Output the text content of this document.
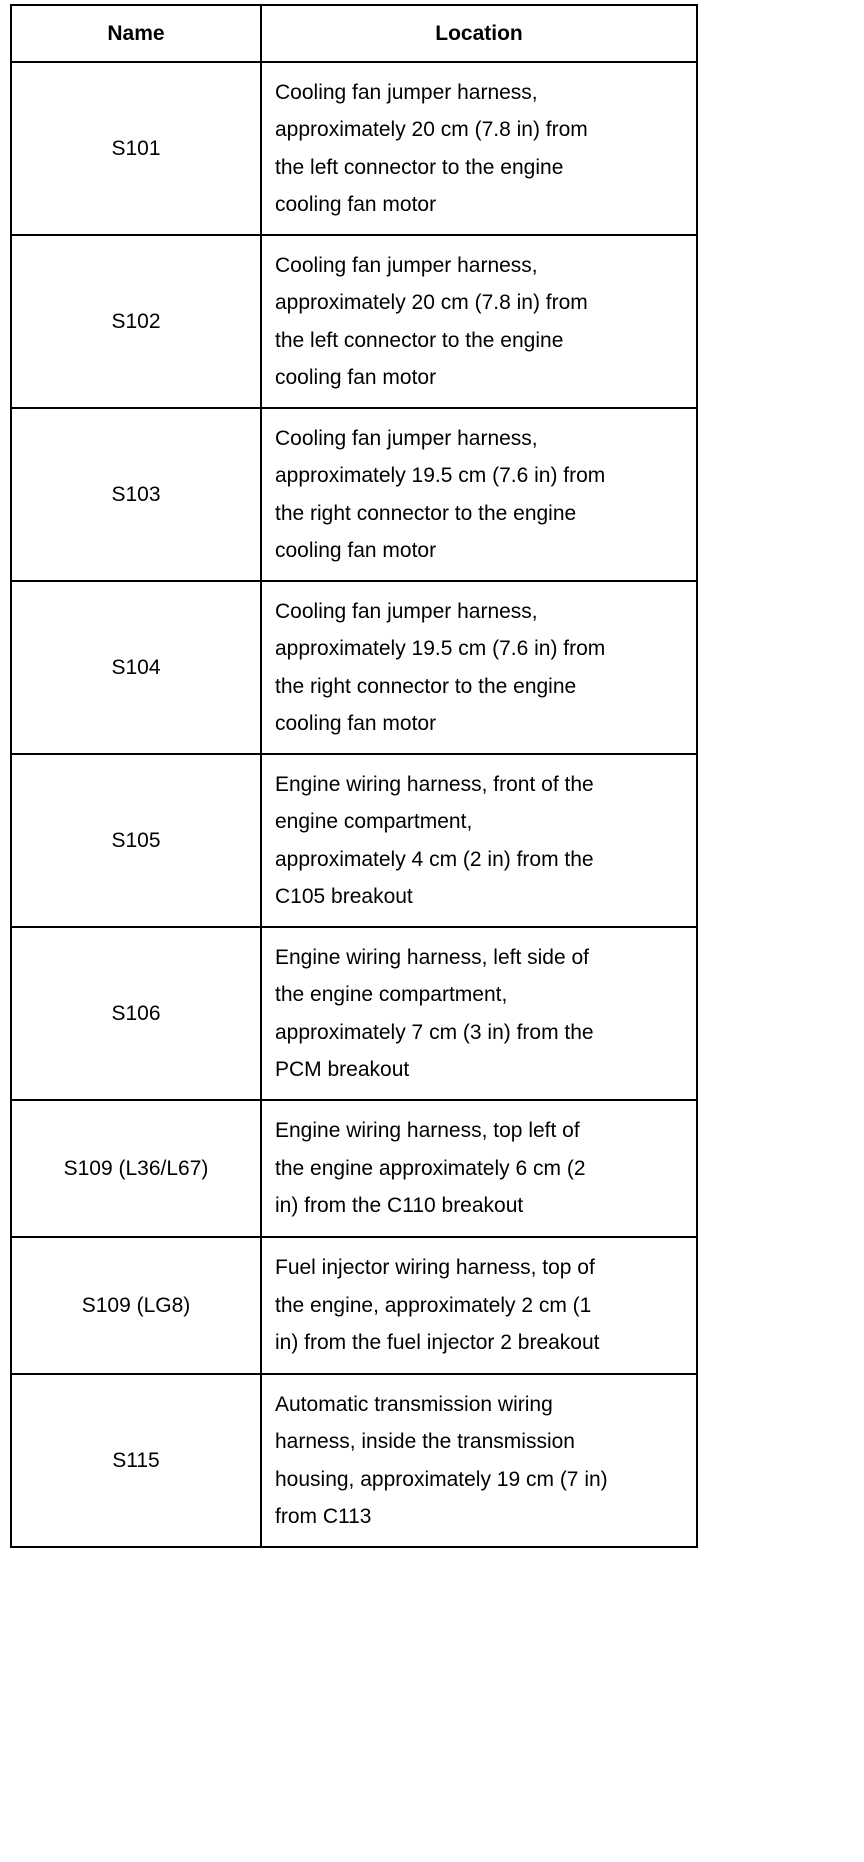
Name	Location
S101	Cooling fan jumper harness,
approximately 20 cm (7.8 in) from
the left connector to the engine
cooling fan motor
S102	Cooling fan jumper harness,
approximately 20 cm (7.8 in) from
the left connector to the engine
cooling fan motor
S103	Cooling fan jumper harness,
approximately 19.5 cm (7.6 in) from
the right connector to the engine
cooling fan motor
S104	Cooling fan jumper harness,
approximately 19.5 cm (7.6 in) from
the right connector to the engine
cooling fan motor
S105	Engine wiring harness, front of the
engine compartment,
approximately 4 cm (2 in) from the
C105 breakout
S106	Engine wiring harness, left side of
the engine compartment,
approximately 7 cm (3 in) from the
PCM breakout
S109 (L36/L67)	Engine wiring harness, top left of
the engine approximately 6 cm (2
in) from the C110 breakout
S109 (LG8)	Fuel injector wiring harness, top of
the engine, approximately 2 cm (1
in) from the fuel injector 2 breakout
S115	Automatic transmission wiring
harness, inside the transmission
housing, approximately 19 cm (7 in)
from C113
